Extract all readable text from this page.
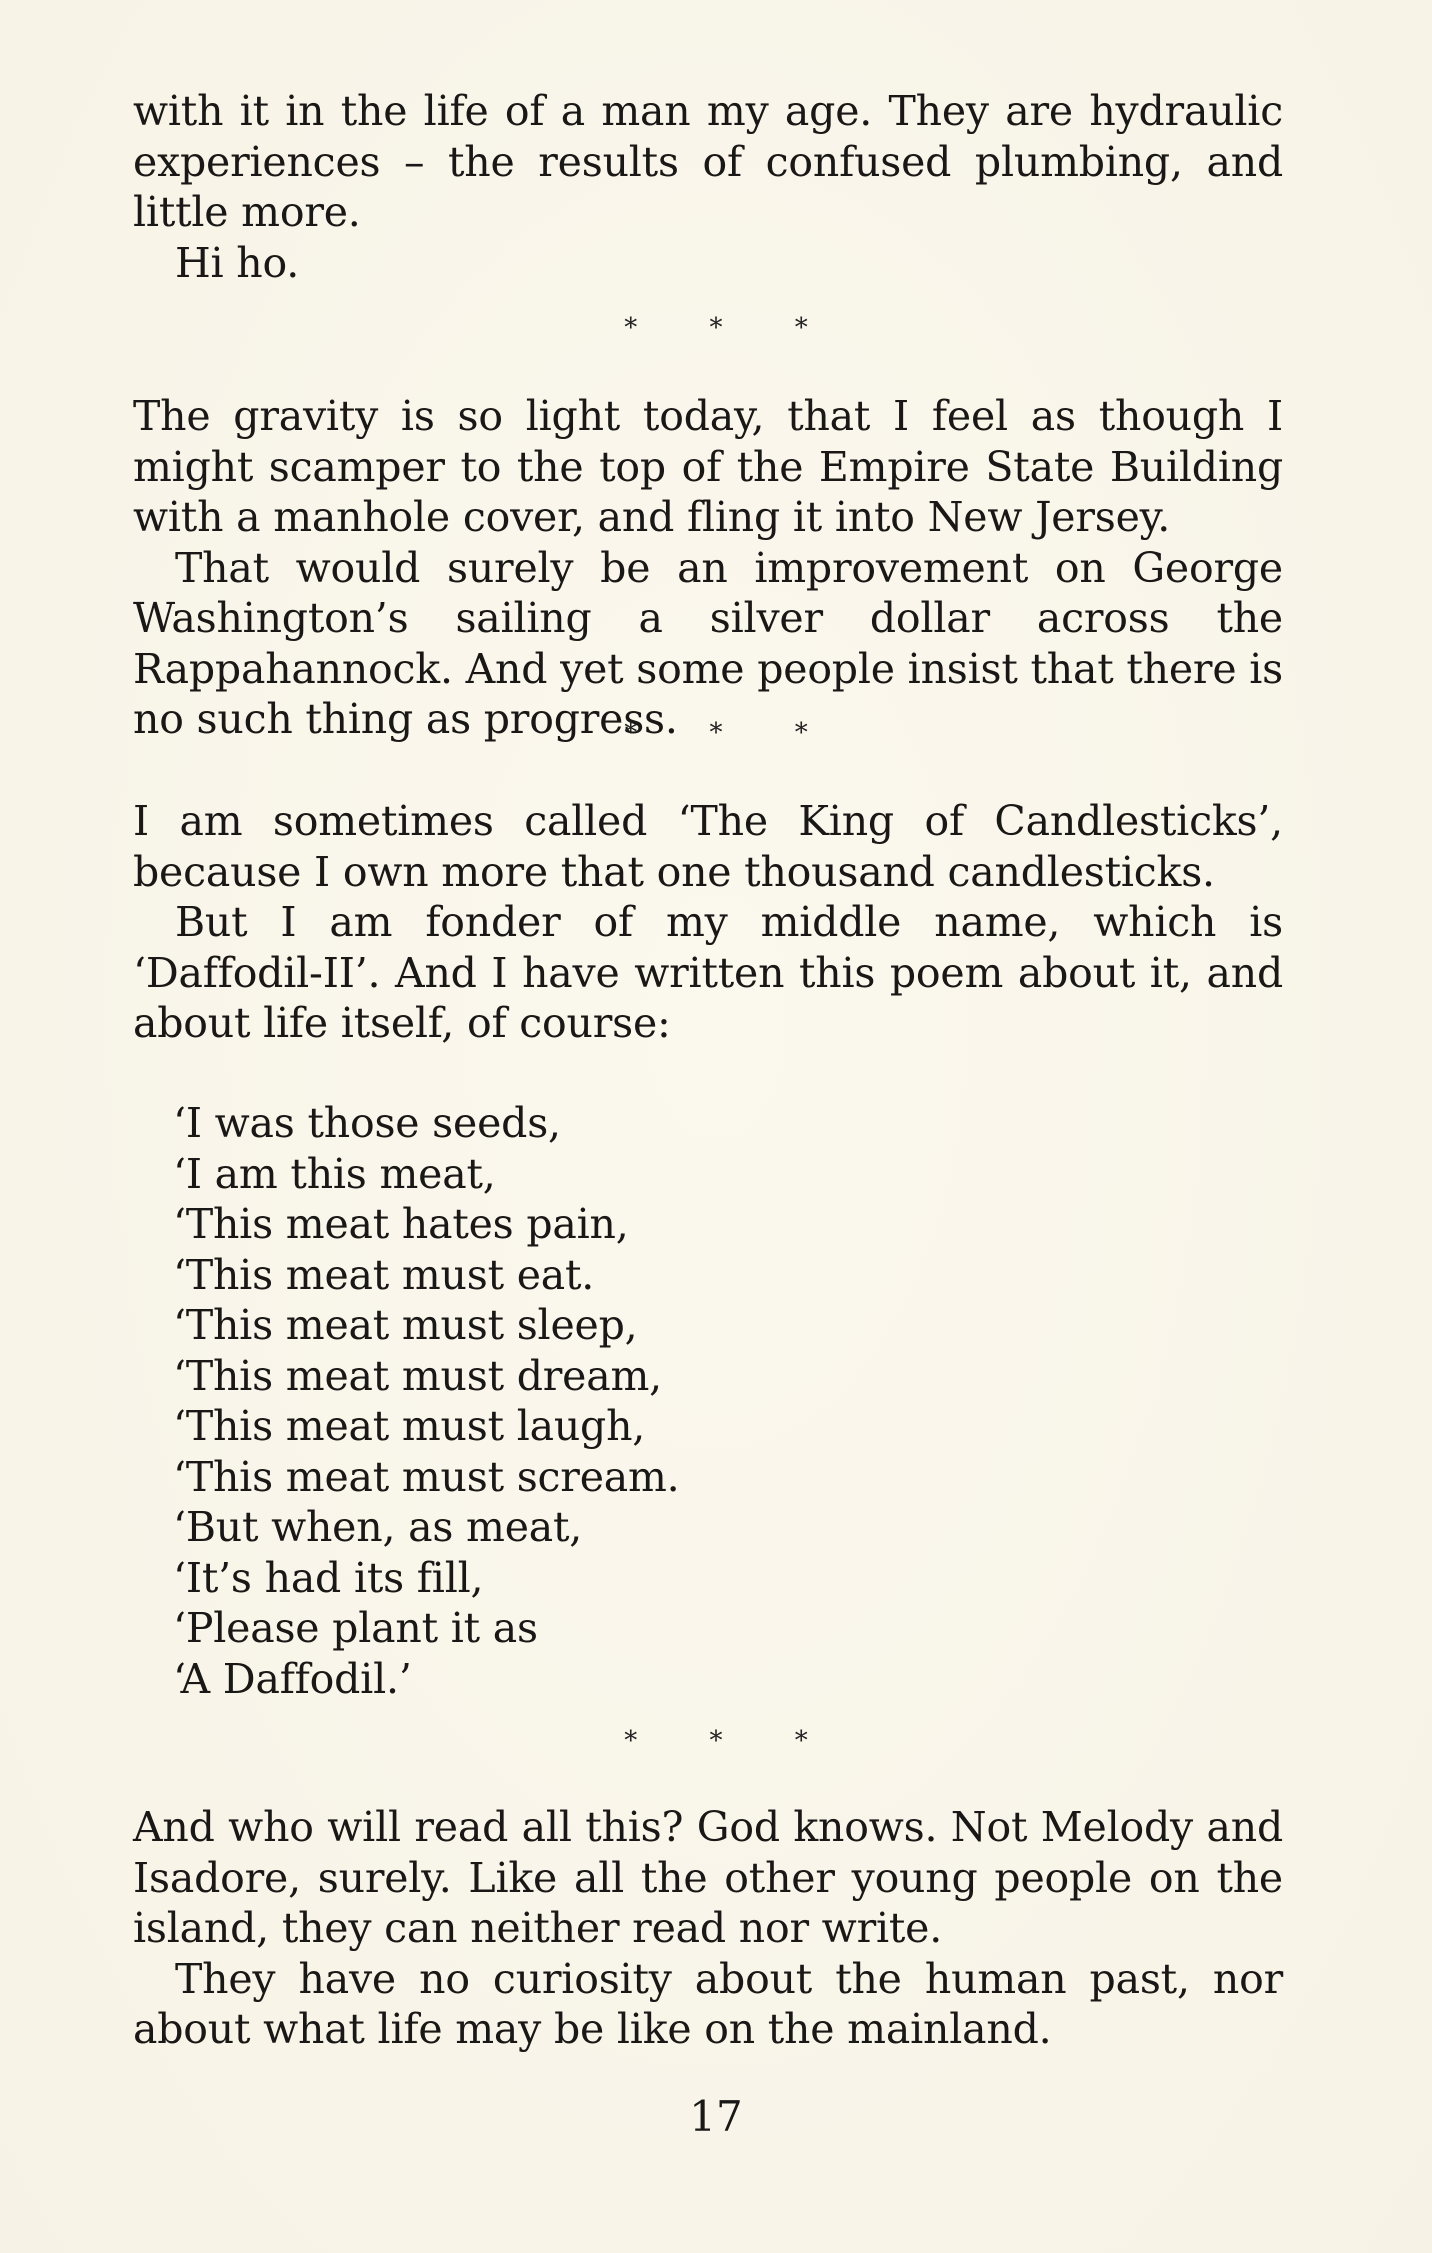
with it in the life of a man my age. They are hydraulic experiences – the results of confused plumbing, and little more.

Hi ho.

* * *

The gravity is so light today, that I feel as though I might scamper to the top of the Empire State Building with a manhole cover, and fling it into New Jersey.

That would surely be an improvement on George Washington’s sailing a silver dollar across the Rappahannock. And yet some people insist that there is no such thing as progress.

* * *

I am sometimes called ‘The King of Candlesticks’, because I own more that one thousand candlesticks.

But I am fonder of my middle name, which is ‘Daffodil-II’. And I have written this poem about it, and about life itself, of course:

‘I was those seeds,
‘I am this meat,
‘This meat hates pain,
‘This meat must eat.
‘This meat must sleep,
‘This meat must dream,
‘This meat must laugh,
‘This meat must scream.
‘But when, as meat,
‘It’s had its fill,
‘Please plant it as
‘A Daffodil.’
* * *

And who will read all this? God knows. Not Melody and Isadore, surely. Like all the other young people on the island, they can neither read nor write.

They have no curiosity about the human past, nor about what life may be like on the mainland.

17
